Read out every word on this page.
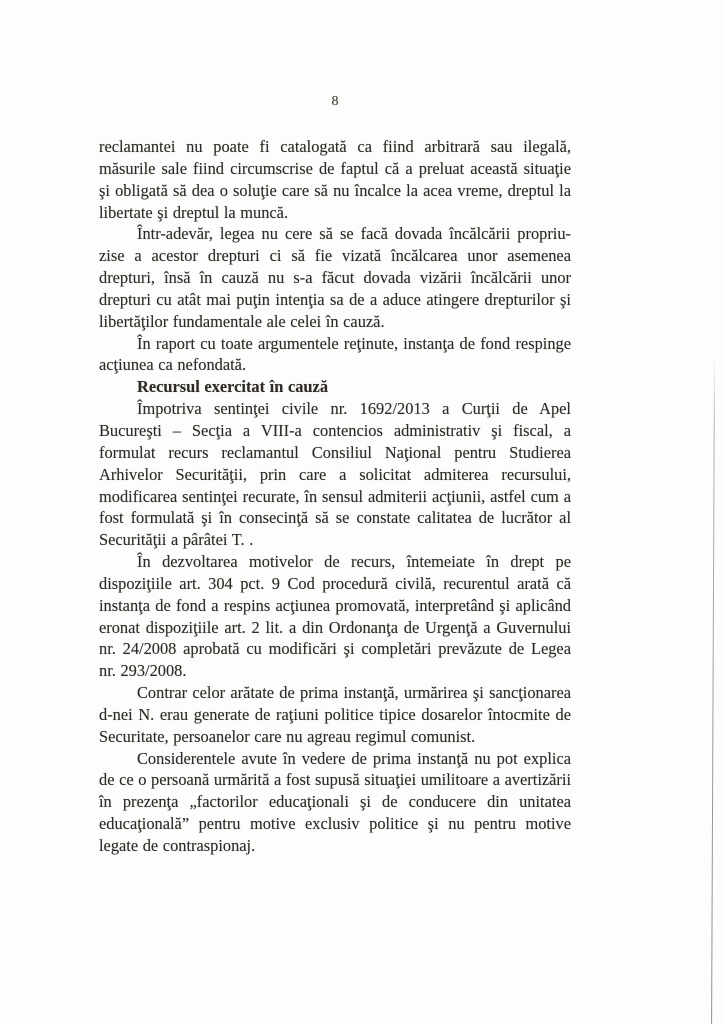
8

reclamantei nu poate fi catalogată ca fiind arbitrară sau ilegală, măsurile sale fiind circumscrise de faptul că a preluat această situaţie şi obligată să dea o soluţie care să nu încalce la acea vreme, dreptul la libertate şi dreptul la muncă.

Într-adevăr, legea nu cere să se facă dovada încălcării propriu-zise a acestor drepturi ci să fie vizată încălcarea unor asemenea drepturi, însă în cauză nu s-a făcut dovada vizării încălcării unor drepturi cu atât mai puţin intenţia sa de a aduce atingere drepturilor şi libertăţilor fundamentale ale celei în cauză.

În raport cu toate argumentele reţinute, instanţa de fond respinge acţiunea ca nefondată.

Recursul exercitat în cauză

Împotriva sentinţei civile nr. 1692/2013 a Curţii de Apel Bucureşti – Secţia a VIII-a contencios administrativ şi fiscal, a formulat recurs reclamantul Consiliul Naţional pentru Studierea Arhivelor Securităţii, prin care a solicitat admiterea recursului, modificarea sentinţei recurate, în sensul admiterii acţiunii, astfel cum a fost formulată şi în consecinţă să se constate calitatea de lucrător al Securităţii a pârâtei T. .

În dezvoltarea motivelor de recurs, întemeiate în drept pe dispoziţiile art. 304 pct. 9 Cod procedură civilă, recurentul arată că instanţa de fond a respins acţiunea promovată, interpretând şi aplicând eronat dispoziţiile art. 2 lit. a din Ordonanţa de Urgenţă a Guvernului nr. 24/2008 aprobată cu modificări şi completări prevăzute de Legea nr. 293/2008.

Contrar celor arătate de prima instanţă, urmărirea şi sancţionarea d-nei N. erau generate de raţiuni politice tipice dosarelor întocmite de Securitate, persoanelor care nu agreau regimul comunist.

Considerentele avute în vedere de prima instanţă nu pot explica de ce o persoană urmărită a fost supusă situaţiei umilitoare a avertizării în prezenţa „factorilor educaţionali şi de conducere din unitatea educaţională” pentru motive exclusiv politice şi nu pentru motive legate de contraspionaj.
